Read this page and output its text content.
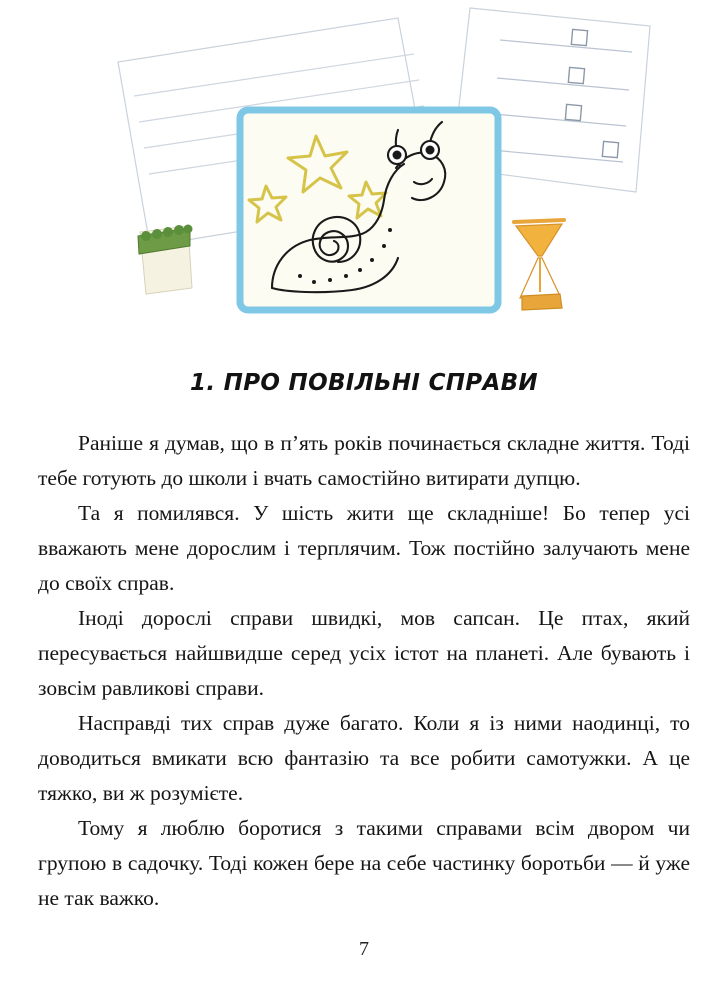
1. ПРО ПОВІЛЬНІ СПРАВИ

Раніше я думав, що в п’ять років починається складне життя. Тоді тебе готують до школи і вчать самостійно витирати дупцю.

Та я помилявся. У шість жити ще складніше! Бо тепер усі вважають мене дорослим і терплячим. Тож постійно залучають мене до своїх справ.

Іноді дорослі справи швидкі, мов сапсан. Це птах, який пересувається найшвидше серед усіх істот на планеті. Але бувають і зовсім равликові справи.

Насправді тих справ дуже багато. Коли я із ними наодинці, то доводиться вмикати всю фантазію та все робити самотужки. А це тяжко, ви ж розумієте.

Тому я люблю боротися з такими справами всім двором чи групою в садочку. Тоді кожен бере на себе частинку боротьби — й уже не так важко.

7
